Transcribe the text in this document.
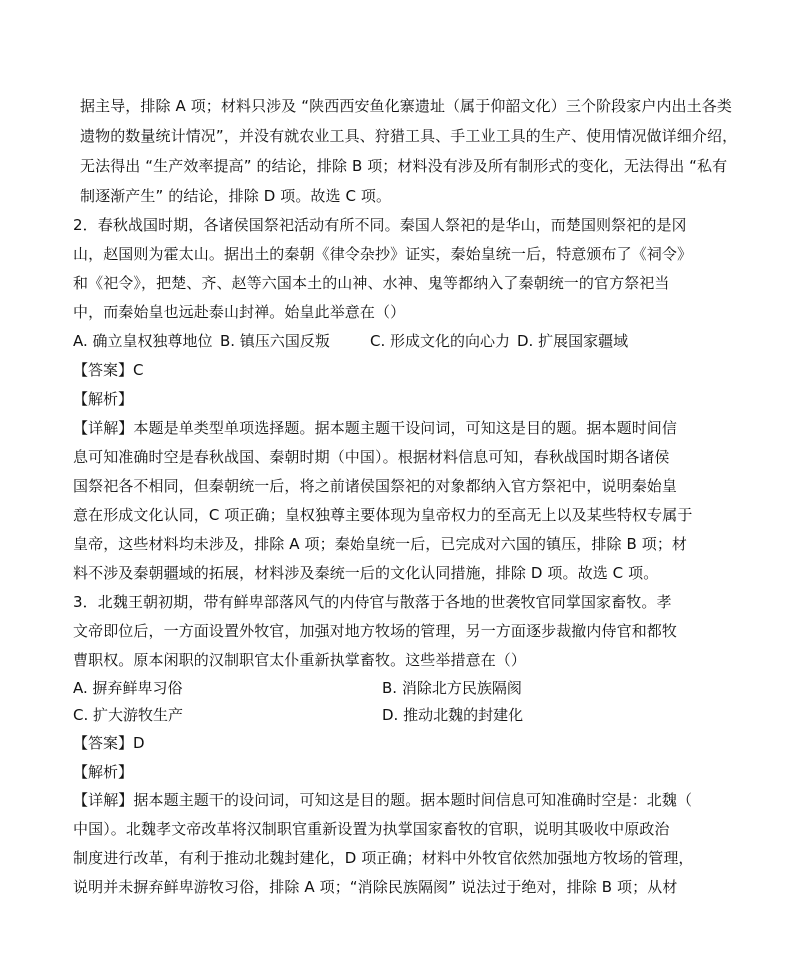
据主导，排除 A 项；材料只涉及 “陕西西安鱼化寨遗址（属于仰韶文化）三个阶段家户内出土各类
遗物的数量统计情况”，并没有就农业工具、狩猎工具、手工业工具的生产、使用情况做详细介绍，
无法得出 “生产效率提高” 的结论，排除 B 项；材料没有涉及所有制形式的变化，无法得出 “私有
制逐渐产生” 的结论，排除 D 项。故选 C 项。
2．春秋战国时期，各诸侯国祭祀活动有所不同。秦国人祭祀的是华山，而楚国则祭祀的是冈
山，赵国则为霍太山。据出土的秦朝《律令杂抄》证实，秦始皇统一后，特意颁布了《祠令》
和《祀令》，把楚、齐、赵等六国本土的山神、水神、鬼等都纳入了秦朝统一的官方祭祀当
中，而秦始皇也远赴泰山封禅。始皇此举意在（）
A. 确立皇权独尊地位 B. 镇压六国反叛	C. 形成文化的向心力 D. 扩展国家疆域
【答案】C
【解析】
【详解】本题是单类型单项选择题。据本题主题干设问词，可知这是目的题。据本题时间信
息可知准确时空是春秋战国、秦朝时期（中国）。根据材料信息可知，春秋战国时期各诸侯
国祭祀各不相同，但秦朝统一后，将之前诸侯国祭祀的对象都纳入官方祭祀中，说明秦始皇
意在形成文化认同，C 项正确；皇权独尊主要体现为皇帝权力的至高无上以及某些特权专属于
皇帝，这些材料均未涉及，排除 A 项；秦始皇统一后，已完成对六国的镇压，排除 B 项；材
料不涉及秦朝疆域的拓展，材料涉及秦统一后的文化认同措施，排除 D 项。故选 C 项。
3．北魏王朝初期，带有鲜卑部落风气的内侍官与散落于各地的世袭牧官同掌国家畜牧。孝
文帝即位后，一方面设置外牧官，加强对地方牧场的管理，另一方面逐步裁撤内侍官和都牧
曹职权。原本闲职的汉制职官太仆重新执掌畜牧。这些举措意在（）
A. 摒弃鲜卑习俗	B. 消除北方民族隔阂
C. 扩大游牧生产	D. 推动北魏的封建化
【答案】D
【解析】
【详解】据本题主题干的设问词，可知这是目的题。据本题时间信息可知准确时空是：北魏（
中国）。北魏孝文帝改革将汉制职官重新设置为执掌国家畜牧的官职，说明其吸收中原政治
制度进行改革，有利于推动北魏封建化，D 项正确；材料中外牧官依然加强地方牧场的管理，
说明并未摒弃鲜卑游牧习俗，排除 A 项；“消除民族隔阂” 说法过于绝对，排除 B 项；从材
